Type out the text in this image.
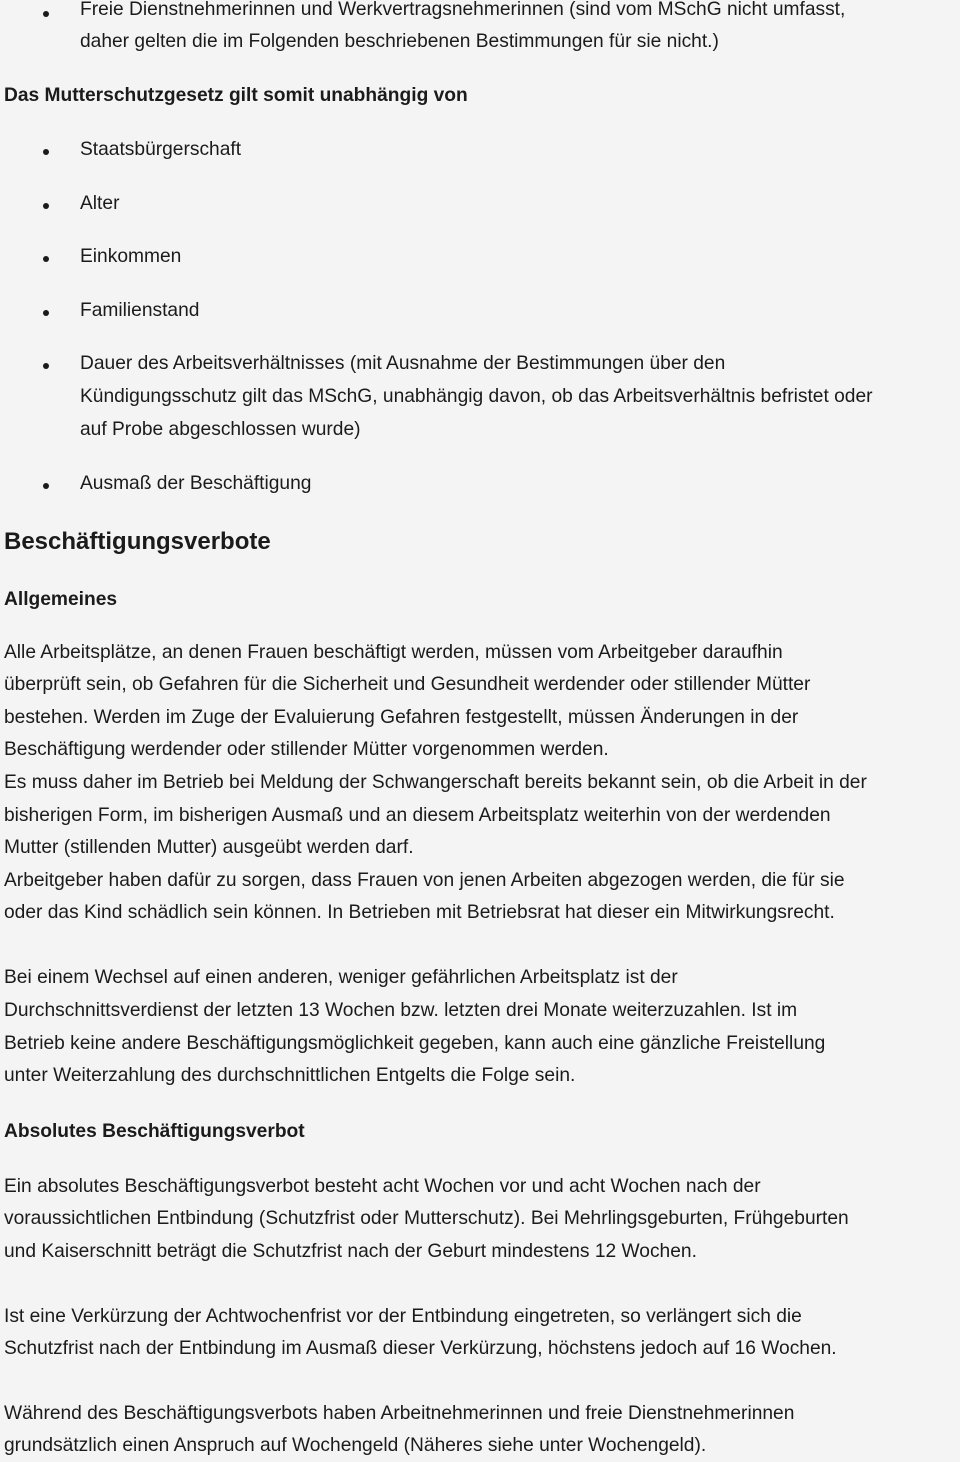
Freie Dienstnehmerinnen und Werkvertragsnehmerinnen (sind vom MSchG nicht umfasst,
daher gelten die im Folgenden beschriebenen Bestimmungen für sie nicht.)
Das Mutterschutzgesetz gilt somit unabhängig von
Staatsbürgerschaft
Alter
Einkommen
Familienstand
Dauer des Arbeitsverhältnisses (mit Ausnahme der Bestimmungen über den
Kündigungsschutz gilt das MSchG, unabhängig davon, ob das Arbeitsverhältnis befristet oder
auf Probe abgeschlossen wurde)
Ausmaß der Beschäftigung
Beschäftigungsverbote
Allgemeines
Alle Arbeitsplätze, an denen Frauen beschäftigt werden, müssen vom Arbeitgeber daraufhin
überprüft sein, ob Gefahren für die Sicherheit und Gesundheit werdender oder stillender Mütter
bestehen. Werden im Zuge der Evaluierung Gefahren festgestellt, müssen Änderungen in der
Beschäftigung werdender oder stillender Mütter vorgenommen werden.
Es muss daher im Betrieb bei Meldung der Schwangerschaft bereits bekannt sein, ob die Arbeit in der
bisherigen Form, im bisherigen Ausmaß und an diesem Arbeitsplatz weiterhin von der werdenden
Mutter (stillenden Mutter) ausgeübt werden darf.
Arbeitgeber haben dafür zu sorgen, dass Frauen von jenen Arbeiten abgezogen werden, die für sie
oder das Kind schädlich sein können. In Betrieben mit Betriebsrat hat dieser ein Mitwirkungsrecht.
Bei einem Wechsel auf einen anderen, weniger gefährlichen Arbeitsplatz ist der
Durchschnittsverdienst der letzten 13 Wochen bzw. letzten drei Monate weiterzuzahlen. Ist im
Betrieb keine andere Beschäftigungsmöglichkeit gegeben, kann auch eine gänzliche Freistellung
unter Weiterzahlung des durchschnittlichen Entgelts die Folge sein.
Absolutes Beschäftigungsverbot
Ein absolutes Beschäftigungsverbot besteht acht Wochen vor und acht Wochen nach der
voraussichtlichen Entbindung (Schutzfrist oder Mutterschutz). Bei Mehrlingsgeburten, Frühgeburten
und Kaiserschnitt beträgt die Schutzfrist nach der Geburt mindestens 12 Wochen.
Ist eine Verkürzung der Achtwochenfrist vor der Entbindung eingetreten, so verlängert sich die
Schutzfrist nach der Entbindung im Ausmaß dieser Verkürzung, höchstens jedoch auf 16 Wochen.
Während des Beschäftigungsverbots haben Arbeitnehmerinnen und freie Dienstnehmerinnen
grundsätzlich einen Anspruch auf Wochengeld (Näheres siehe unter Wochengeld).
